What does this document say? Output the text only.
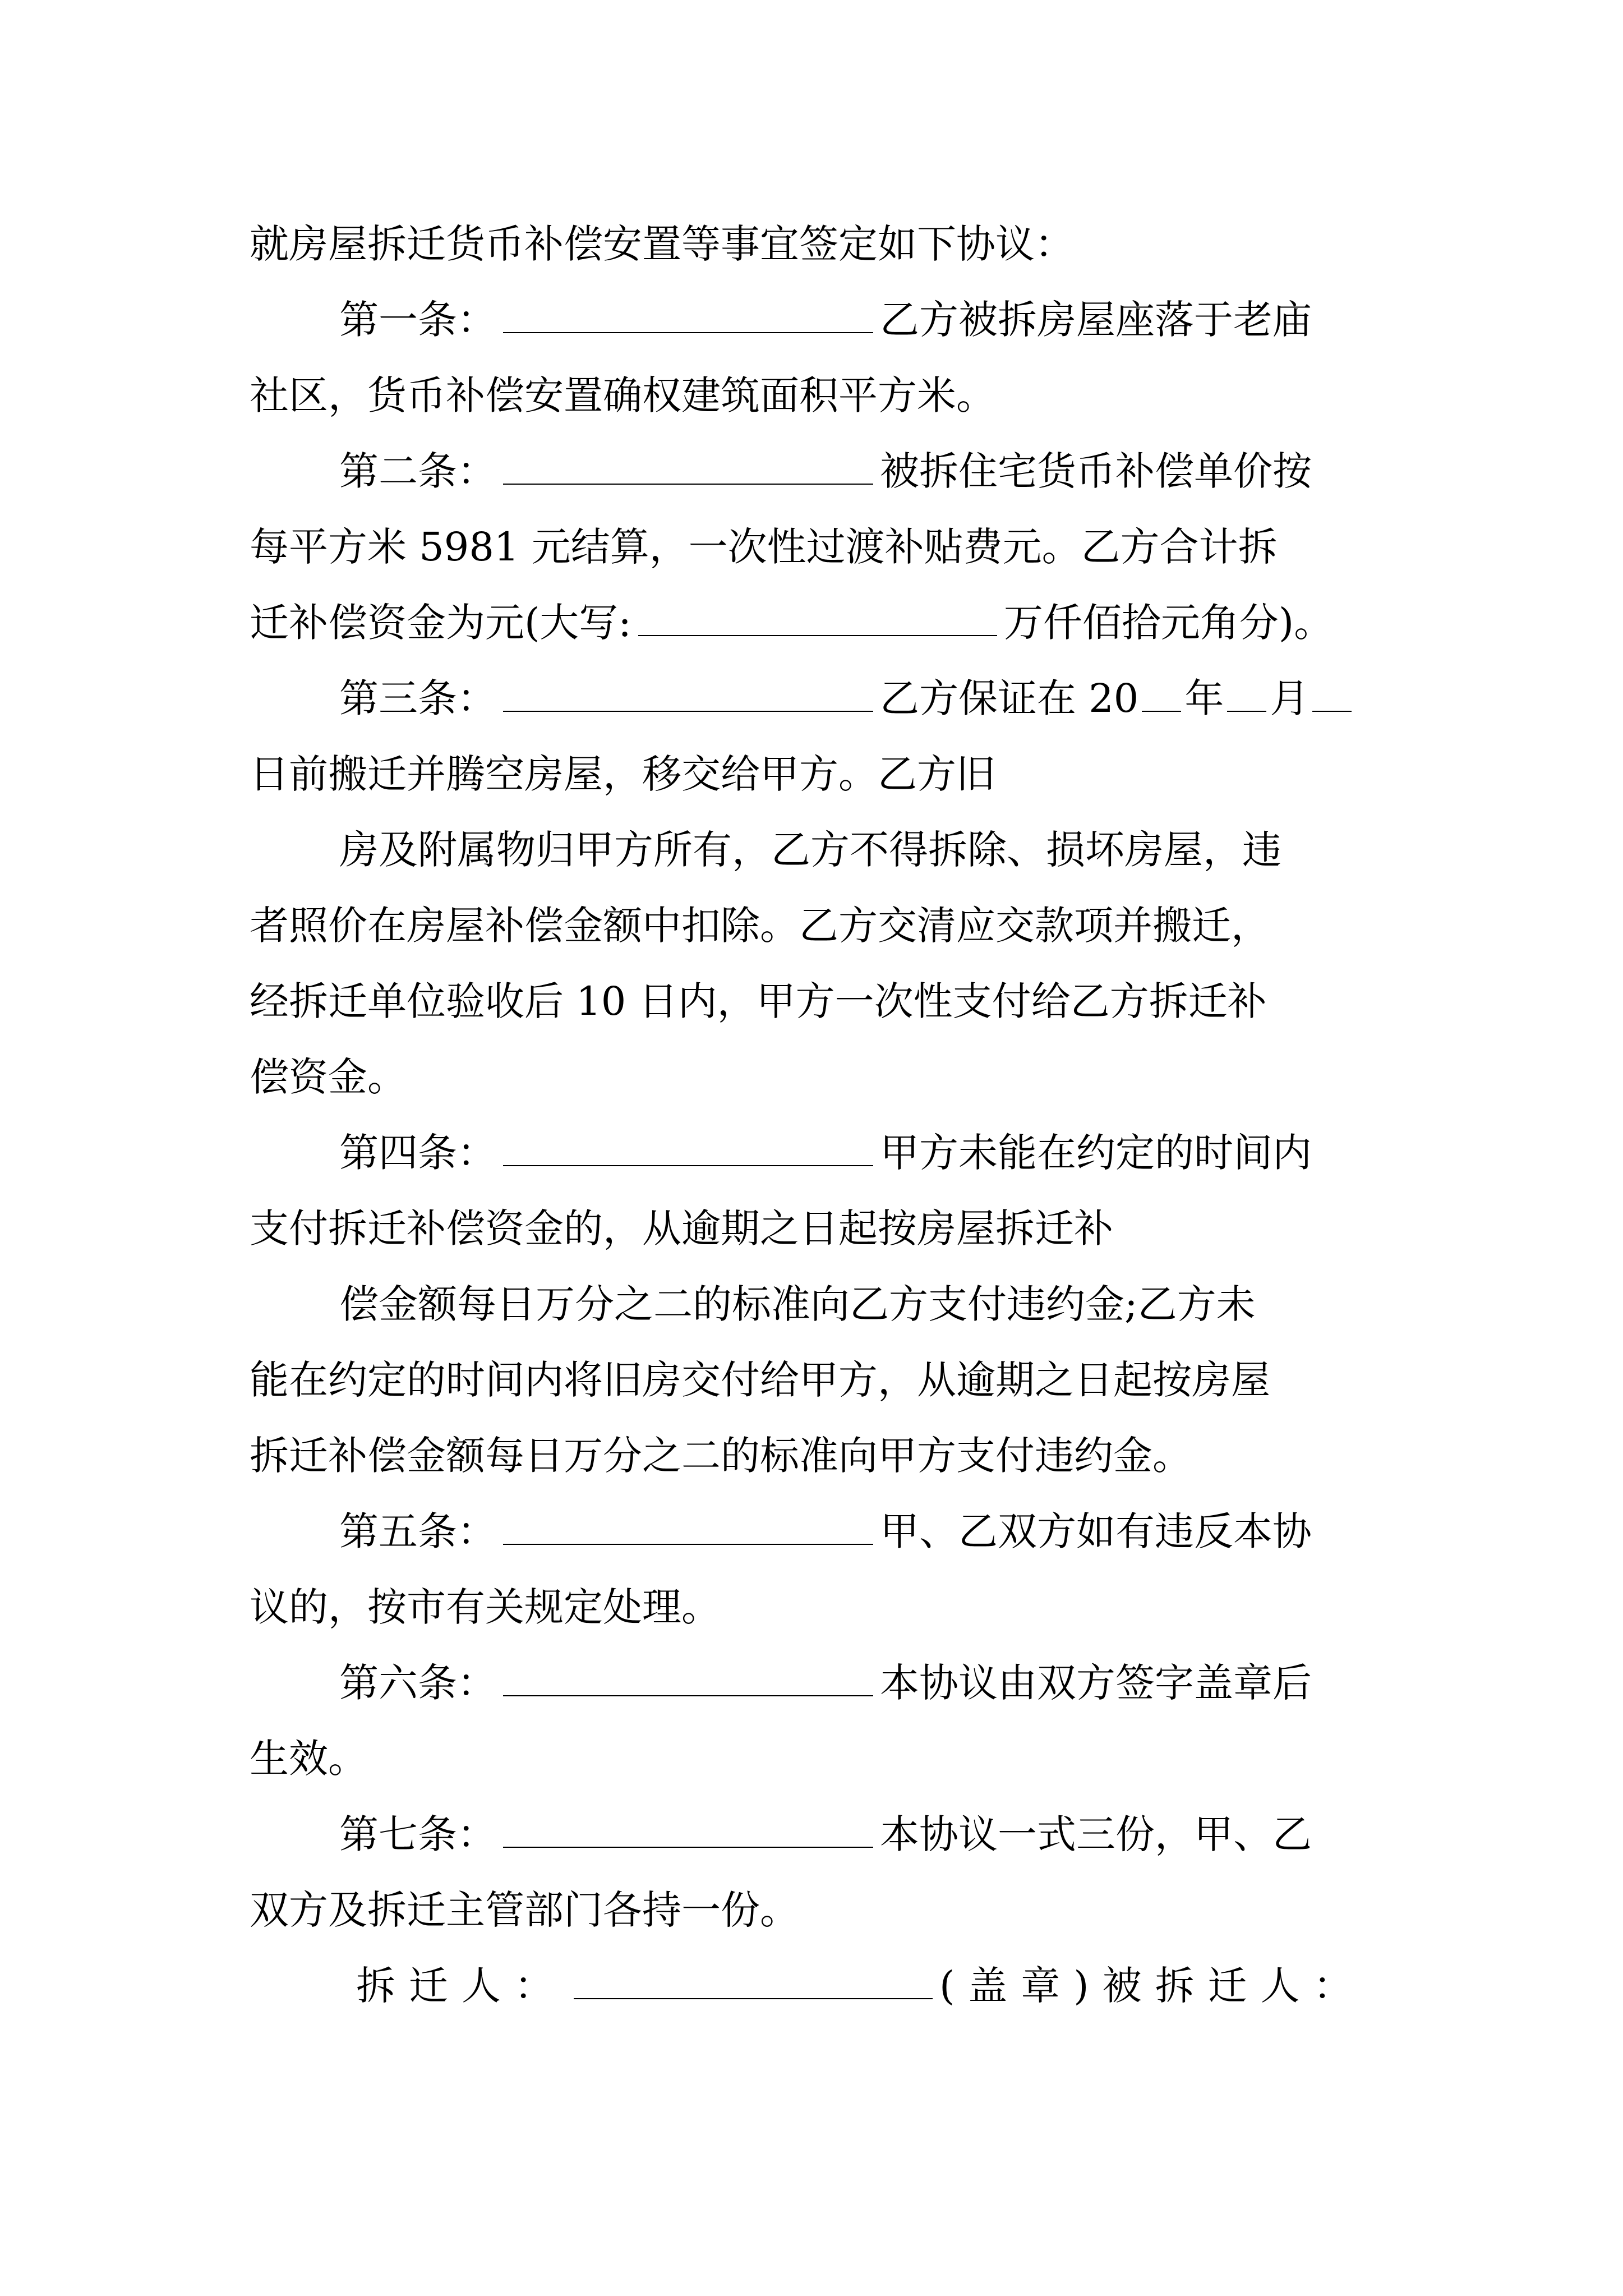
就房屋拆迁货币补偿安置等事宜签定如下协议：
第一条：	乙方被拆房屋座落于老庙
社区，货币补偿安置确权建筑面积平方米。
第二条：	被拆住宅货币补偿单价按
每平方米 5981 元结算，一次性过渡补贴费元。乙方合计拆
迁补偿资金为元(大写:	万仟佰拾元角分)。
第三条：	乙方保证在 20 年 月
日前搬迁并腾空房屋，移交给甲方。乙方旧
房及附属物归甲方所有，乙方不得拆除、损坏房屋，违
者照价在房屋补偿金额中扣除。乙方交清应交款项并搬迁，
经拆迁单位验收后 10 日内，甲方一次性支付给乙方拆迁补
偿资金。
第四条：	甲方未能在约定的时间内
支付拆迁补偿资金的，从逾期之日起按房屋拆迁补
偿金额每日万分之二的标准向乙方支付违约金;乙方未
能在约定的时间内将旧房交付给甲方，从逾期之日起按房屋
拆迁补偿金额每日万分之二的标准向甲方支付违约金。
第五条：	甲、乙双方如有违反本协
议的，按市有关规定处理。
第六条：	本协议由双方签字盖章后
生效。
第七条：	本协议一式三份，甲、乙
双方及拆迁主管部门各持一份。
拆迁人：	(盖章)被拆迁人：
